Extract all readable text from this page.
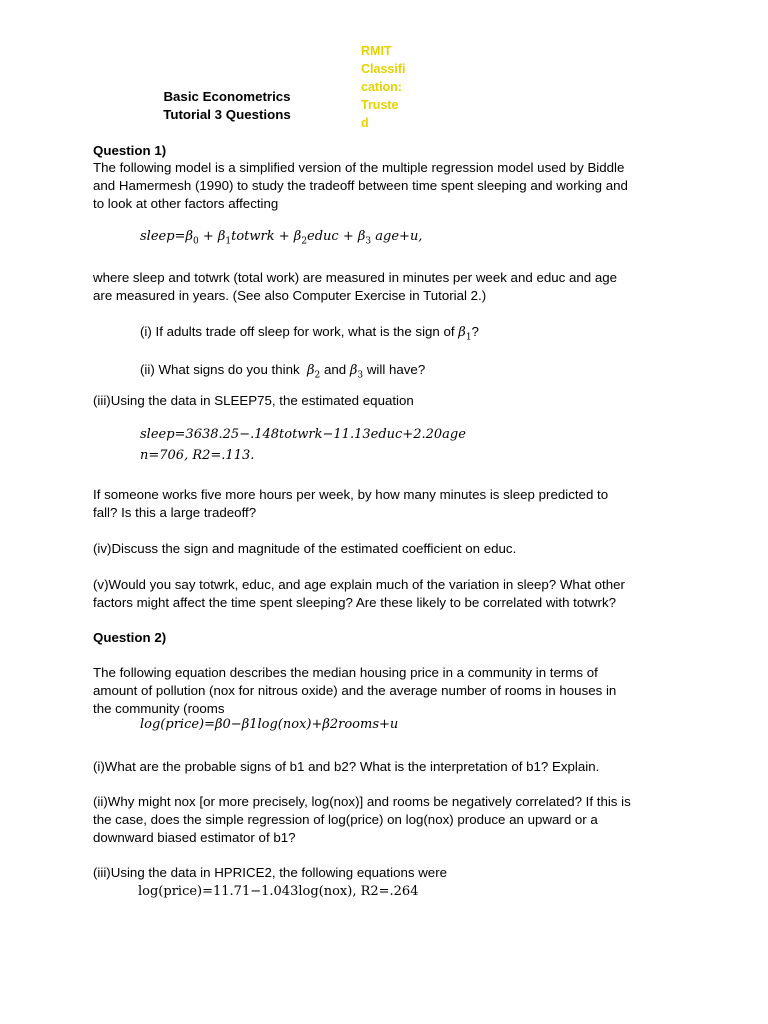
RMIT
Classifi
cation:
Truste
d
Basic Econometrics
Tutorial 3 Questions
Question 1)
The following model is a simplified version of the multiple regression model used by Biddle
and Hamermesh (1990) to study the tradeoff between time spent sleeping and working and
to look at other factors affecting
$sleep=\beta_0$ + $\beta_1totwrk$ + $\beta_2educ + \beta_3$ age+u,
where sleep and totwrk (total work) are measured in minutes per week and educ and age
are measured in years. (See also Computer Exercise in Tutorial 2.)
(i) If adults trade off sleep for work, what is the sign of $\beta_1$?
(ii) What signs do you think $\beta_2$ and $\beta_3$ will have?
(iii)Using the data in SLEEP75, the estimated equation
sleep=3638.25−.148totwrk−11.13educ+2.20age
n=706, R2=.113.
If someone works five more hours per week, by how many minutes is sleep predicted to
fall? Is this a large tradeoff?
(iv)Discuss the sign and magnitude of the estimated coefficient on educ.
(v)Would you say totwrk, educ, and age explain much of the variation in sleep? What other
factors might affect the time spent sleeping? Are these likely to be correlated with totwrk?
Question 2)
The following equation describes the median housing price in a community in terms of
amount of pollution (nox for nitrous oxide) and the average number of rooms in houses in
the community (rooms
log(price)=β0−β1log(nox)+β2rooms+u
(i)What are the probable signs of b1 and b2? What is the interpretation of b1? Explain.
(ii)Why might nox [or more precisely, log(nox)] and rooms be negatively correlated? If this is
the case, does the simple regression of log(price) on log(nox) produce an upward or a
downward biased estimator of b1?
(iii)Using the data in HPRICE2, the following equations were
log(price)=11.71−1.043log(nox), R2=.264
